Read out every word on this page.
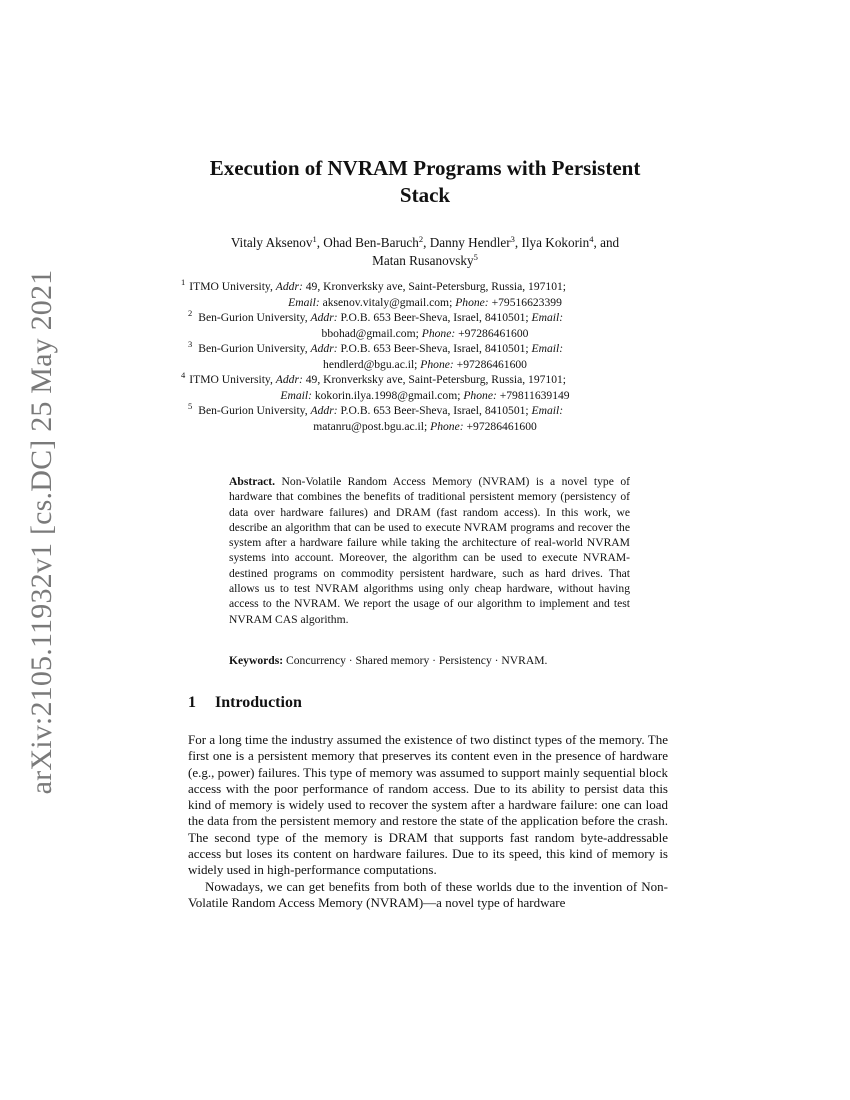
arXiv:2105.11932v1 [cs.DC] 25 May 2021
Execution of NVRAM Programs with Persistent
Stack
Vitaly Aksenov$^1$, Ohad Ben-Baruch$^2$, Danny Hendler$^3$, Ilya Kokorin$^4$, and
Matan Rusanovsky$^5$
$^1$ ITMO University, Addr: 49, Kronverksky ave, Saint-Petersburg, Russia, 197101;
Email: aksenov.vitaly@gmail.com; Phone: +79516623399
$^2$ Ben-Gurion University, Addr: P.O.B. 653 Beer-Sheva, Israel, 8410501; Email:
bbohad@gmail.com; Phone: +97286461600
$^3$ Ben-Gurion University, Addr: P.O.B. 653 Beer-Sheva, Israel, 8410501; Email:
hendlerd@bgu.ac.il; Phone: +97286461600
$^4$ ITMO University, Addr: 49, Kronverksky ave, Saint-Petersburg, Russia, 197101;
Email: kokorin.ilya.1998@gmail.com; Phone: +79811639149
$^5$ Ben-Gurion University, Addr: P.O.B. 653 Beer-Sheva, Israel, 8410501; Email:
matanru@post.bgu.ac.il; Phone: +97286461600
Abstract. Non-Volatile Random Access Memory (NVRAM) is a novel type of hardware that combines the benefits of traditional persistent memory (persistency of data over hardware failures) and DRAM (fast random access). In this work, we describe an algorithm that can be used to execute NVRAM programs and recover the system after a hardware failure while taking the architecture of real-world NVRAM systems into account. Moreover, the algorithm can be used to execute NVRAM-destined programs on commodity persistent hardware, such as hard drives. That allows us to test NVRAM algorithms using only cheap hardware, without having access to the NVRAM. We report the usage of our algorithm to implement and test NVRAM CAS algorithm.
Keywords: Concurrency · Shared memory · Persistency · NVRAM.
1 Introduction

For a long time the industry assumed the existence of two distinct types of the memory. The first one is a persistent memory that preserves its content even in the presence of hardware (e.g., power) failures. This type of memory was assumed to support mainly sequential block access with the poor performance of random access. Due to its ability to persist data this kind of memory is widely used to recover the system after a hardware failure: one can load the data from the persistent memory and restore the state of the application before the crash. The second type of the memory is DRAM that supports fast random byte-addressable access but loses its content on hardware failures. Due to its speed, this kind of memory is widely used in high-performance computations.

Nowadays, we can get benefits from both of these worlds due to the invention of Non-Volatile Random Access Memory (NVRAM)—a novel type of hardware
